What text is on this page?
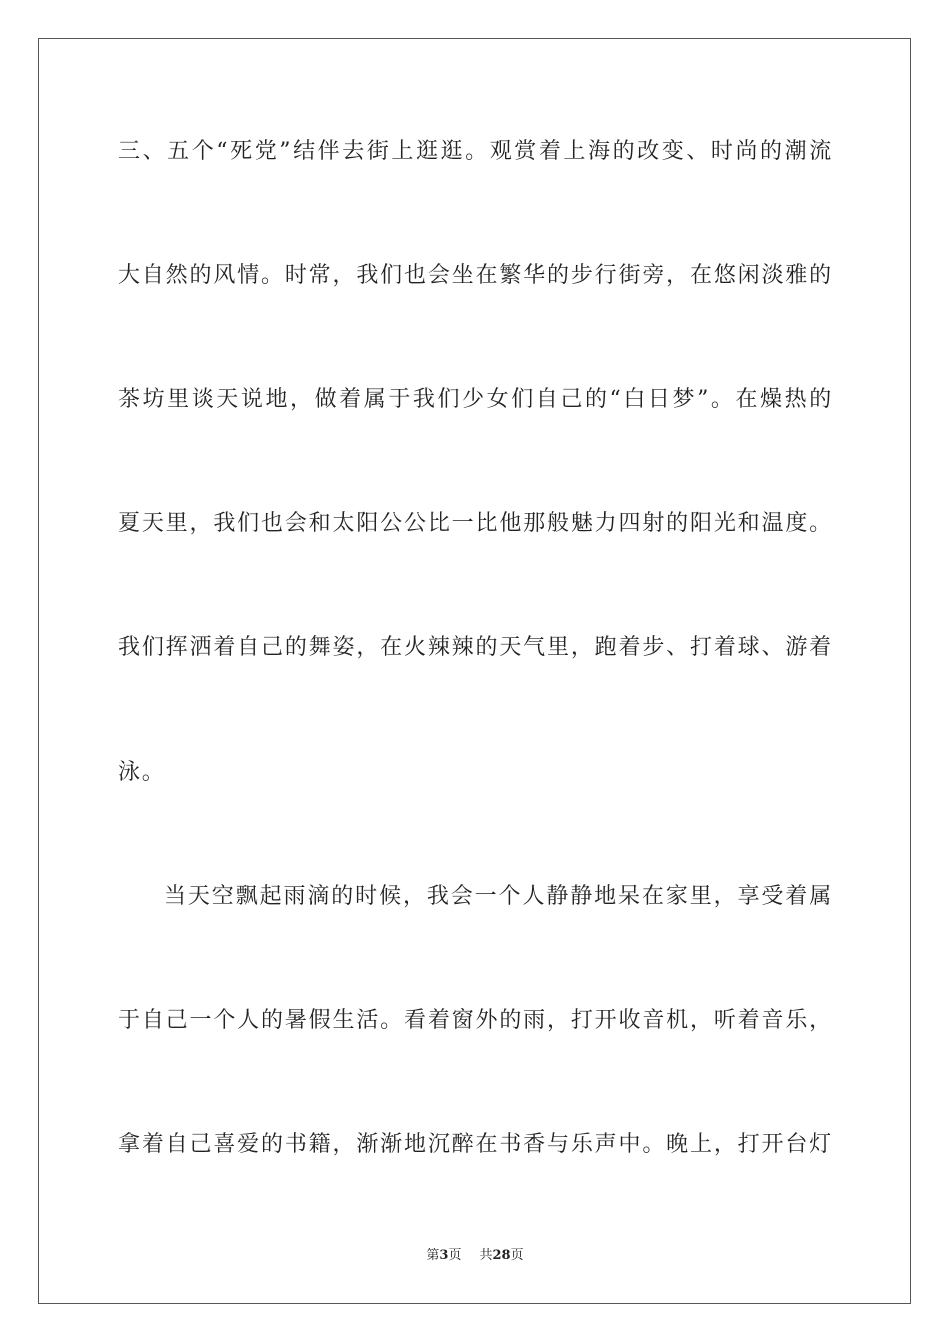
三、五个“死党”结伴去街上逛逛。观赏着上海的改变、时尚的潮流
大自然的风情。时常，我们也会坐在繁华的步行街旁，在悠闲淡雅的
茶坊里谈天说地，做着属于我们少女们自己的“白日梦”。在燥热的
夏天里，我们也会和太阳公公比一比他那般魅力四射的阳光和温度。
我们挥洒着自己的舞姿，在火辣辣的天气里，跑着步、打着球、游着
泳。
当天空飘起雨滴的时候，我会一个人静静地呆在家里，享受着属
于自己一个人的暑假生活。看着窗外的雨，打开收音机，听着音乐，
拿着自己喜爱的书籍，渐渐地沉醉在书香与乐声中。晚上，打开台灯
第3页 共28页
